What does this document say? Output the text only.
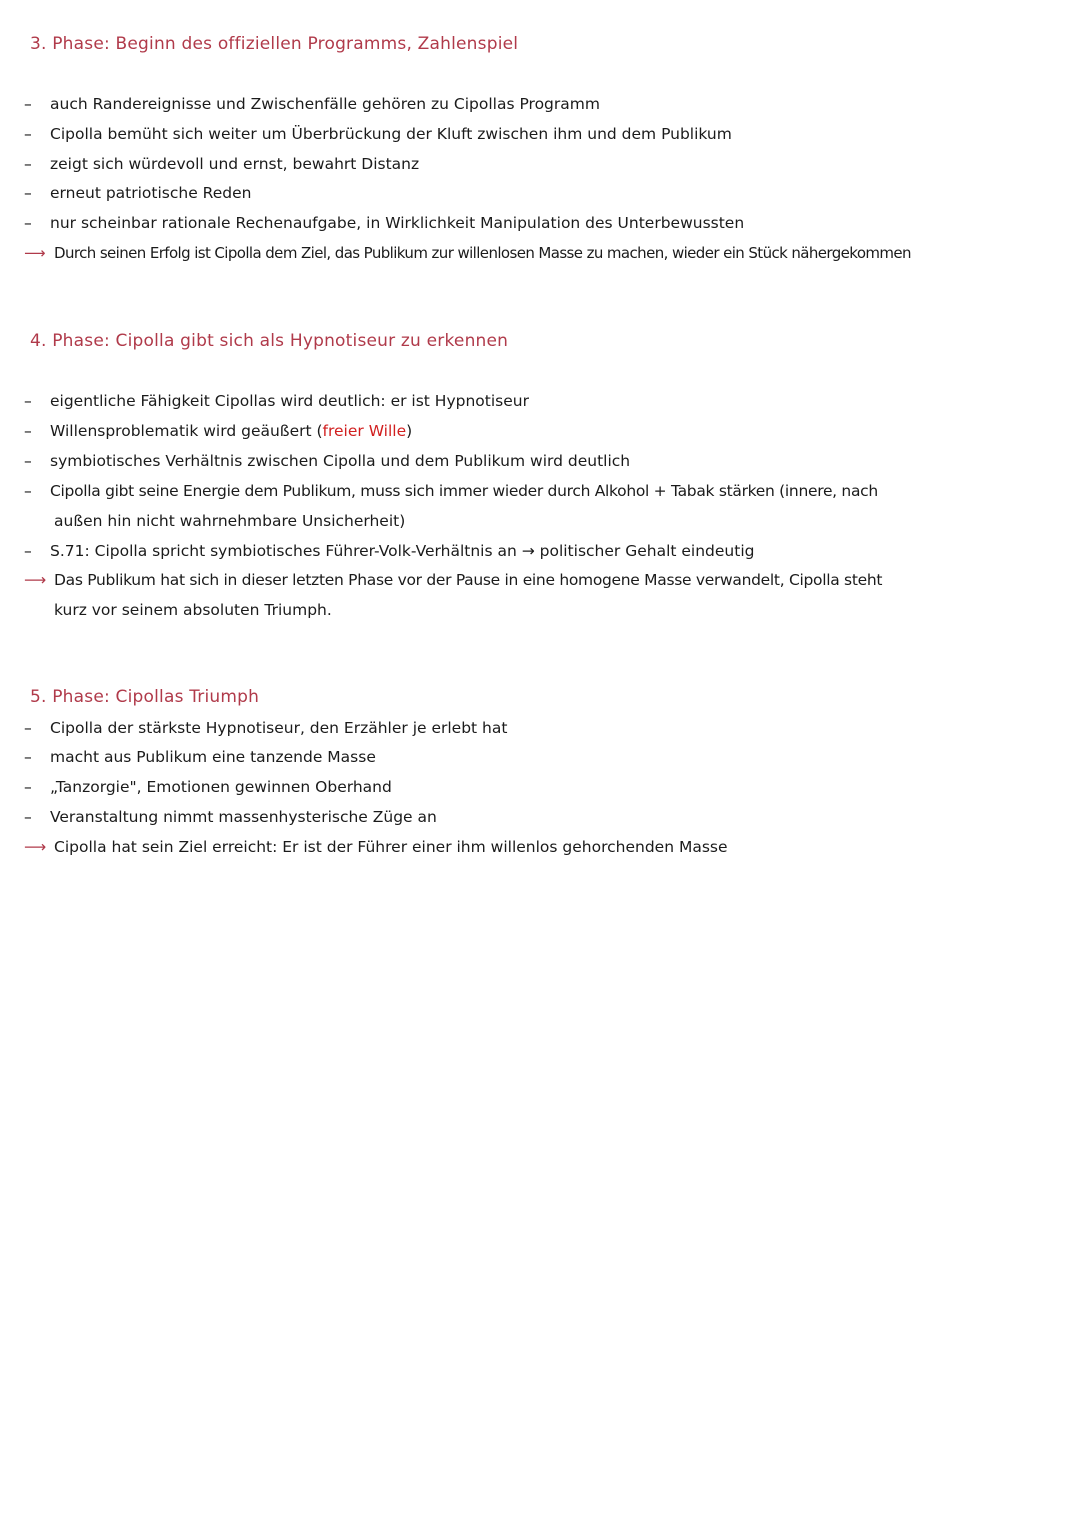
3. Phase: Beginn des offiziellen Programms, Zahlenspiel
– auch Randereignisse und Zwischenfälle gehören zu Cipollas Programm
– Cipolla bemüht sich weiter um Überbrückung der Kluft zwischen ihm und dem Publikum
– zeigt sich würdevoll und ernst, bewahrt Distanz
– erneut patriotische Reden
– nur scheinbar rationale Rechenaufgabe, in Wirklichkeit Manipulation des Unterbewussten
⟶ Durch seinen Erfolg ist Cipolla dem Ziel, das Publikum zur willenlosen Masse zu machen, wieder ein Stück nähergekommen
4. Phase: Cipolla gibt sich als Hypnotiseur zu erkennen
– eigentliche Fähigkeit Cipollas wird deutlich: er ist Hypnotiseur
– Willensproblematik wird geäußert (freier Wille)
– symbiotisches Verhältnis zwischen Cipolla und dem Publikum wird deutlich
– Cipolla gibt seine Energie dem Publikum, muss sich immer wieder durch Alkohol + Tabak stärken (innere, nach
außen hin nicht wahrnehmbare Unsicherheit)
– S.71: Cipolla spricht symbiotisches Führer-Volk-Verhältnis an → politischer Gehalt eindeutig
⟶ Das Publikum hat sich in dieser letzten Phase vor der Pause in eine homogene Masse verwandelt, Cipolla steht
kurz vor seinem absoluten Triumph.
5. Phase: Cipollas Triumph
– Cipolla der stärkste Hypnotiseur, den Erzähler je erlebt hat
– macht aus Publikum eine tanzende Masse
– „Tanzorgie", Emotionen gewinnen Oberhand
– Veranstaltung nimmt massenhysterische Züge an
⟶ Cipolla hat sein Ziel erreicht: Er ist der Führer einer ihm willenlos gehorchenden Masse
